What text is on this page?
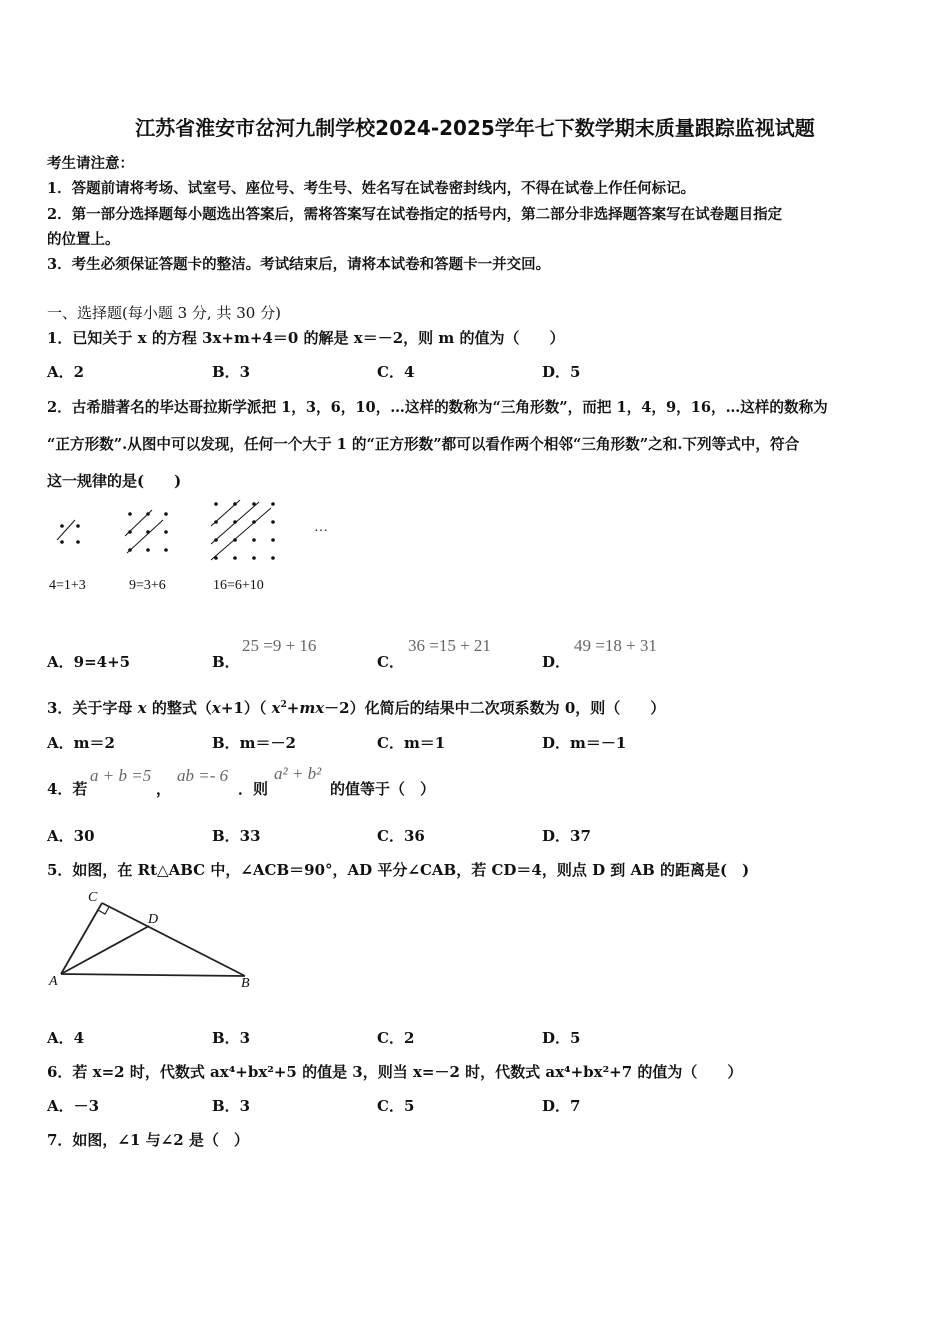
江苏省淮安市岔河九制学校2024-2025学年七下数学期末质量跟踪监视试题
考生请注意：
1．答题前请将考场、试室号、座位号、考生号、姓名写在试卷密封线内，不得在试卷上作任何标记。
2．第一部分选择题每小题选出答案后，需将答案写在试卷指定的括号内，第二部分非选择题答案写在试卷题目指定
的位置上。
3．考生必须保证答题卡的整洁。考试结束后，请将本试卷和答题卡一并交回。
一、选择题(每小题 3 分, 共 30 分)
1．已知关于 x 的方程 3x+m+4＝0 的解是 x＝－2，则 m 的值为（　　）
A．2	B．3	C．4	D．5
2．古希腊著名的毕达哥拉斯学派把 1，3，6，10，…这样的数称为“三角形数”，而把 1，4，9，16，…这样的数称为
“正方形数”.从图中可以发现，任何一个大于 1 的“正方形数”都可以看作两个相邻“三角形数”之和.下列等式中，符合
这一规律的是(　　)
…
4=1+3	9=3+6	16=6+10
A．9=4+5	B．
25 =9 + 16
C．
36 =15 + 21
D．
49 =18 + 31
3．关于字母 x 的整式（x+1）（ $x^2+mx-2$）化简后的结果中二次项系数为 0，则（　　）
A．m＝2	B．m＝－2	C．m＝1	D．m＝－1
4．若
a + b =5
，
ab =- 6
．则
a² + b²
的值等于（　）
A．30	B．33	C．36	D．37
5．如图，在 Rt△ABC 中，∠ACB＝90°，AD 平分∠CAB，若 CD＝4，则点 D 到 AB 的距离是(　)
C
D
A	B
A．4	B．3	C．2	D．5
6．若 x=2 时，代数式 ax⁴+bx²+5 的值是 3，则当 x=－2 时，代数式 ax⁴+bx²+7 的值为（　　）
A．－3	B．3	C．5	D．7
7．如图，∠1 与∠2 是（　）
